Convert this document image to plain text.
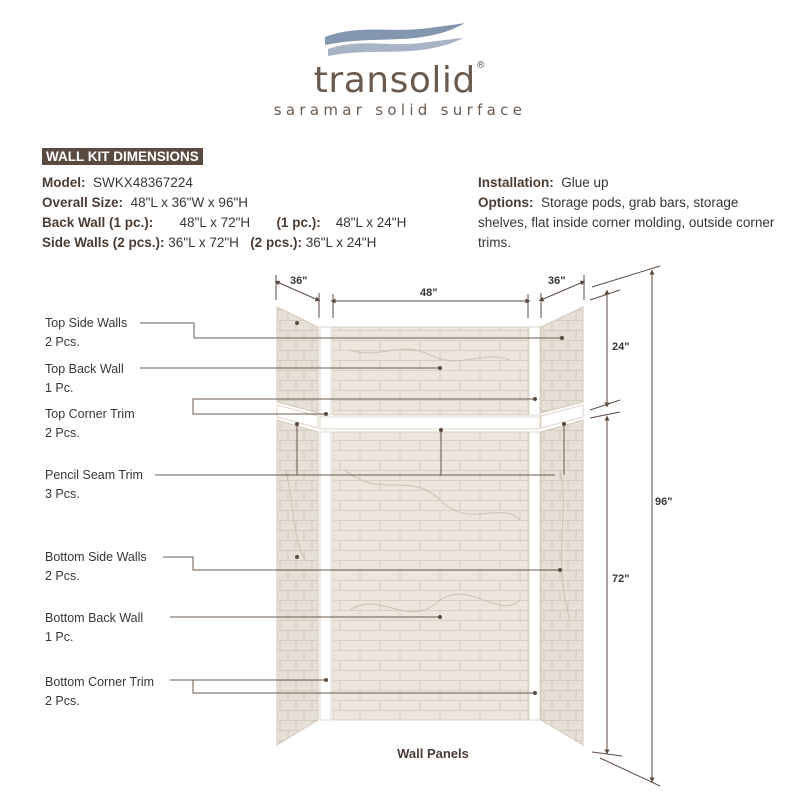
transolid®
saramar solid surface
WALL KIT DIMENSIONS
Model: SWKX48367224
Overall Size: 48"L x 36"W x 96"H
Back Wall (1 pc.): 48"L x 72"H (1 pc.): 48"L x 24"H
Side Walls (2 pcs.): 36"L x 72"H (2 pcs.): 36"L x 24"H
Installation: Glue up
Options: Storage pods, grab bars, storage shelves, flat inside corner molding, outside corner trims.
36"
48"
36"
24"
72"
96"
Top Side Walls
2 Pcs.
Top Back Wall
1 Pc.
Top Corner Trim
2 Pcs.
Pencil Seam Trim
3 Pcs.
Bottom Side Walls
2 Pcs.
Bottom Back Wall
1 Pc.
Bottom Corner Trim
2 Pcs.
Wall Panels
